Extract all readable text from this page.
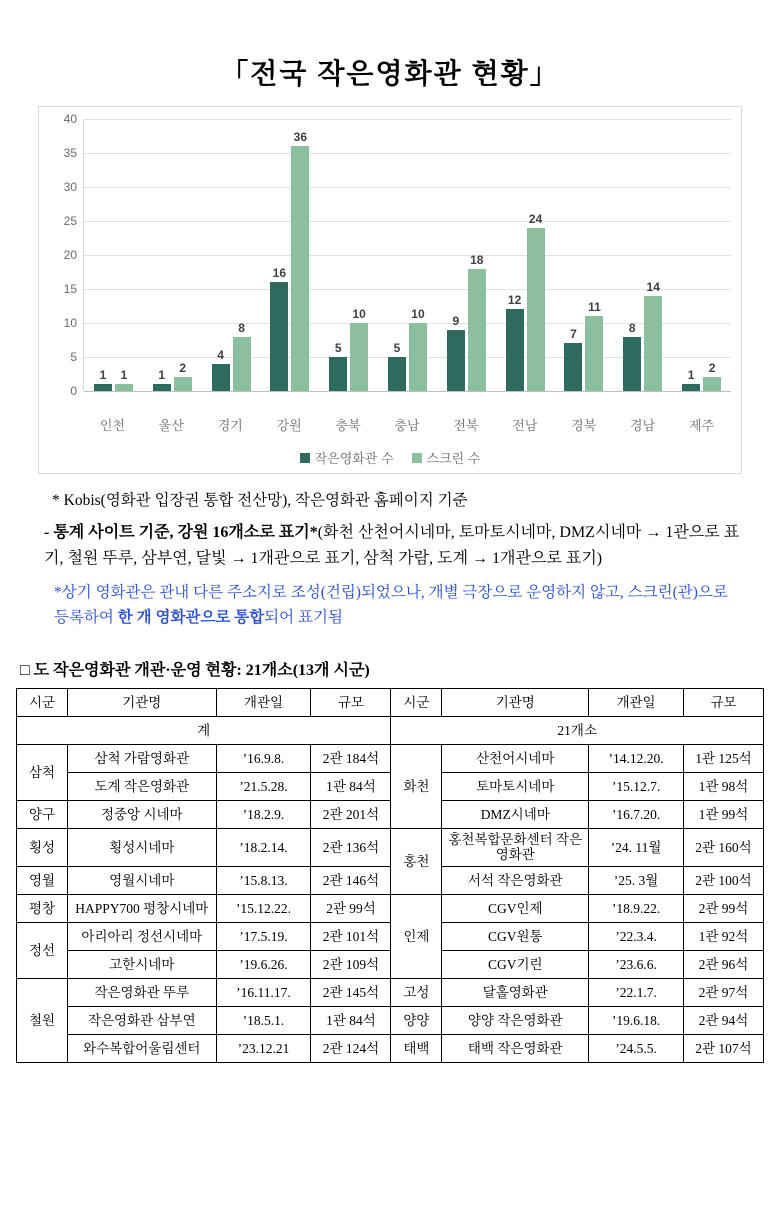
「전국 작은영화관 현황」
0
5
10
15
20
25
30
35
40
1 1	1 2
4
8
16
36
5
10
5
10 9
18
12
24
7
11
8
14
1 2
인천	울산	경기	강원	충북	충남	전북	전남	경북	경남	제주
작은영화관 수	스크린 수
* Kobis(영화관 입장권 통합 전산망), 작은영화관 홈페이지 기준
- 통계 사이트 기준, 강원 16개소로 표기*(화천 산천어시네마, 토마토시네마, DMZ시네마 → 1관으로 표기, 철원 뚜루, 삼부연, 달빛 → 1개관으로 표기, 삼척 가람, 도계 → 1개관으로 표기)
*상기 영화관은 관내 다른 주소지로 조성(건립)되었으나, 개별 극장으로 운영하지 않고, 스크린(관)으로 등록하여 한 개 영화관으로 통합되어 표기됨
□ 도 작은영화관 개관·운영 현황: 21개소(13개 시군)
시군	기관명	개관일	규모	시군	기관명	개관일	규모
계				21개소			
삼척	삼척 가람영화관	’16.9.8.	2관 184석	화천	산천어시네마	’14.12.20.	1관 125석
	도계 작은영화관	’21.5.28.	1관 84석		토마토시네마	’15.12.7.	1관 98석
양구	정중앙 시네마	’18.2.9.	2관 201석		DMZ시네마	’16.7.20.	1관 99석
횡성	횡성시네마	’18.2.14.	2관 136석	홍천	홍천복합문화센터 작은영화관	’24. 11월	2관 160석
영월	영월시네마	’15.8.13.	2관 146석		서석 작은영화관	’25. 3월	2관 100석
평창	HAPPY700 평창시네마	’15.12.22.	2관 99석	인제	CGV인제	’18.9.22.	2관 99석
정선	아리아리 정선시네마	’17.5.19.	2관 101석		CGV원통	’22.3.4.	1관 92석
	고한시네마	’19.6.26.	2관 109석		CGV기린	’23.6.6.	2관 96석
철원	작은영화관 뚜루	’16.11.17.	2관 145석	고성	달홀영화관	’22.1.7.	2관 97석
	작은영화관 삼부연	’18.5.1.	1관 84석	양양	양양 작은영화관	’19.6.18.	2관 94석
	와수복합어울림센터	’23.12.21	2관 124석	태백	태백 작은영화관	’24.5.5.	2관 107석
